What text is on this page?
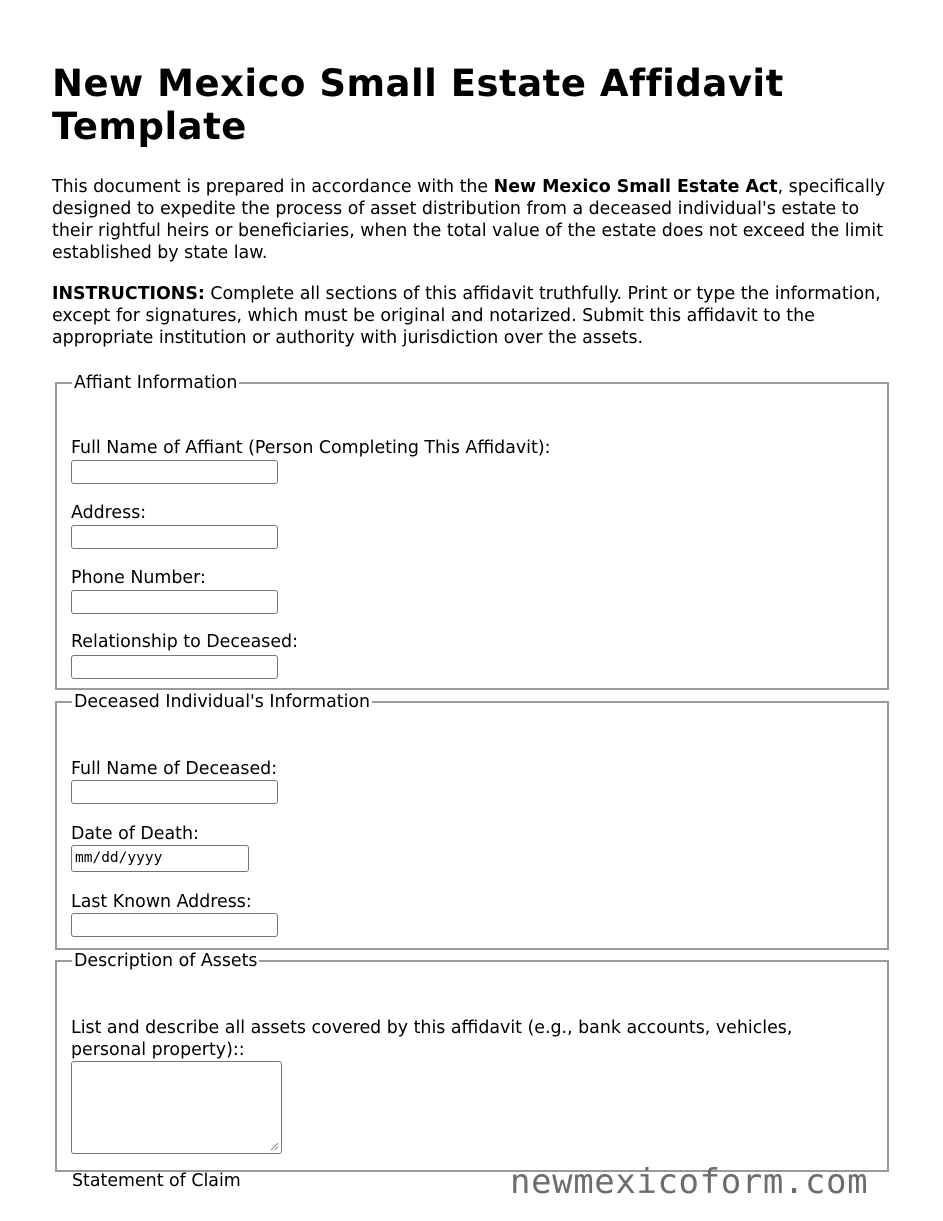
New Mexico Small Estate Affidavit Template

This document is prepared in accordance with the New Mexico Small Estate Act, specifically designed to expedite the process of asset distribution from a deceased individual's estate to their rightful heirs or beneficiaries, when the total value of the estate does not exceed the limit established by state law.

INSTRUCTIONS: Complete all sections of this affidavit truthfully. Print or type the information, except for signatures, which must be original and notarized. Submit this affidavit to the appropriate institution or authority with jurisdiction over the assets.

Affiant Information
Full Name of Affiant (Person Completing This Affidavit):
Address:
Phone Number:
Relationship to Deceased:
Deceased Individual's Information
Full Name of Deceased:
Date of Death:
mm/dd/yyyy
Last Known Address:
Description of Assets
List and describe all assets covered by this affidavit (e.g., bank accounts, vehicles, personal property)::
Statement of Claim	newmexicoform.com
